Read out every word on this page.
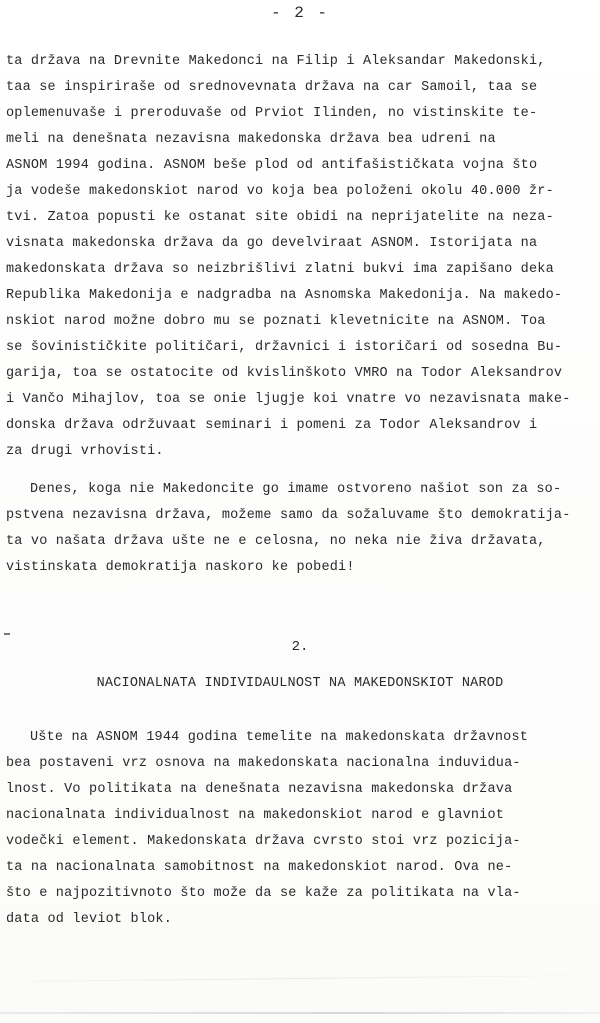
- 2 -
ta država na Drevnite Makedonci na Filip i Aleksandar Makedonski,
taa se inspiriraše od srednovevnata država na car Samoil, taa se
oplemenuvaše i preroduvaše od Prviot Ilinden, no vistinskite te-
meli na denešnata nezavisna makedonska država bea udreni na
ASNOM 1994 godina. ASNOM beše plod od antifašističkata vojna što
ja vodeše makedonskiot narod vo koja bea položeni okolu 40.000 žr-
tvi. Zatoa popusti ke ostanat site obidi na neprijatelite na neza-
visnata makedonska država da go develviraat ASNOM. Istorijata na
makedonskata država so neizbrišlivi zlatni bukvi ima zapišano deka
Republika Makedonija e nadgradba na Asnomska Makedonija. Na makedo-
nskiot narod možne dobro mu se poznati klevetnicite na ASNOM. Toa
se šovinističkite političari, državnici i istoričari od sosedna Bu-
garija, toa se ostatocite od kvislinškoto VMRO na Todor Aleksandrov
i Vančo Mihajlov, toa se onie ljugje koi vnatre vo nezavisnata make-
donska država održuvaat seminari i pomeni za Todor Aleksandrov i
za drugi vrhovisti.
Denes, koga nie Makedoncite go imame ostvoreno našiot son za so-
pstvena nezavisna država, možeme samo da sožaluvame što demokratija-
ta vo našata država ušte ne e celosna, no neka nie živa državata,
vistinskata demokratija naskoro ke pobedi!
2.
NACIONALNATA INDIVIDAULNOST NA MAKEDONSKIOT NAROD
Ušte na ASNOM 1944 godina temelite na makedonskata državnost
bea postaveni vrz osnova na makedonskata nacionalna induvidua-
lnost. Vo politikata na denešnata nezavisna makedonska država
nacionalnata individualnost na makedonskiot narod e glavniot
vodečki element. Makedonskata država cvrsto stoi vrz pozicija-
ta na nacionalnata samobitnost na makedonskiot narod. Ova ne-
što e najpozitivnoto što može da se kaže za politikata na vla-
data od leviot blok.
